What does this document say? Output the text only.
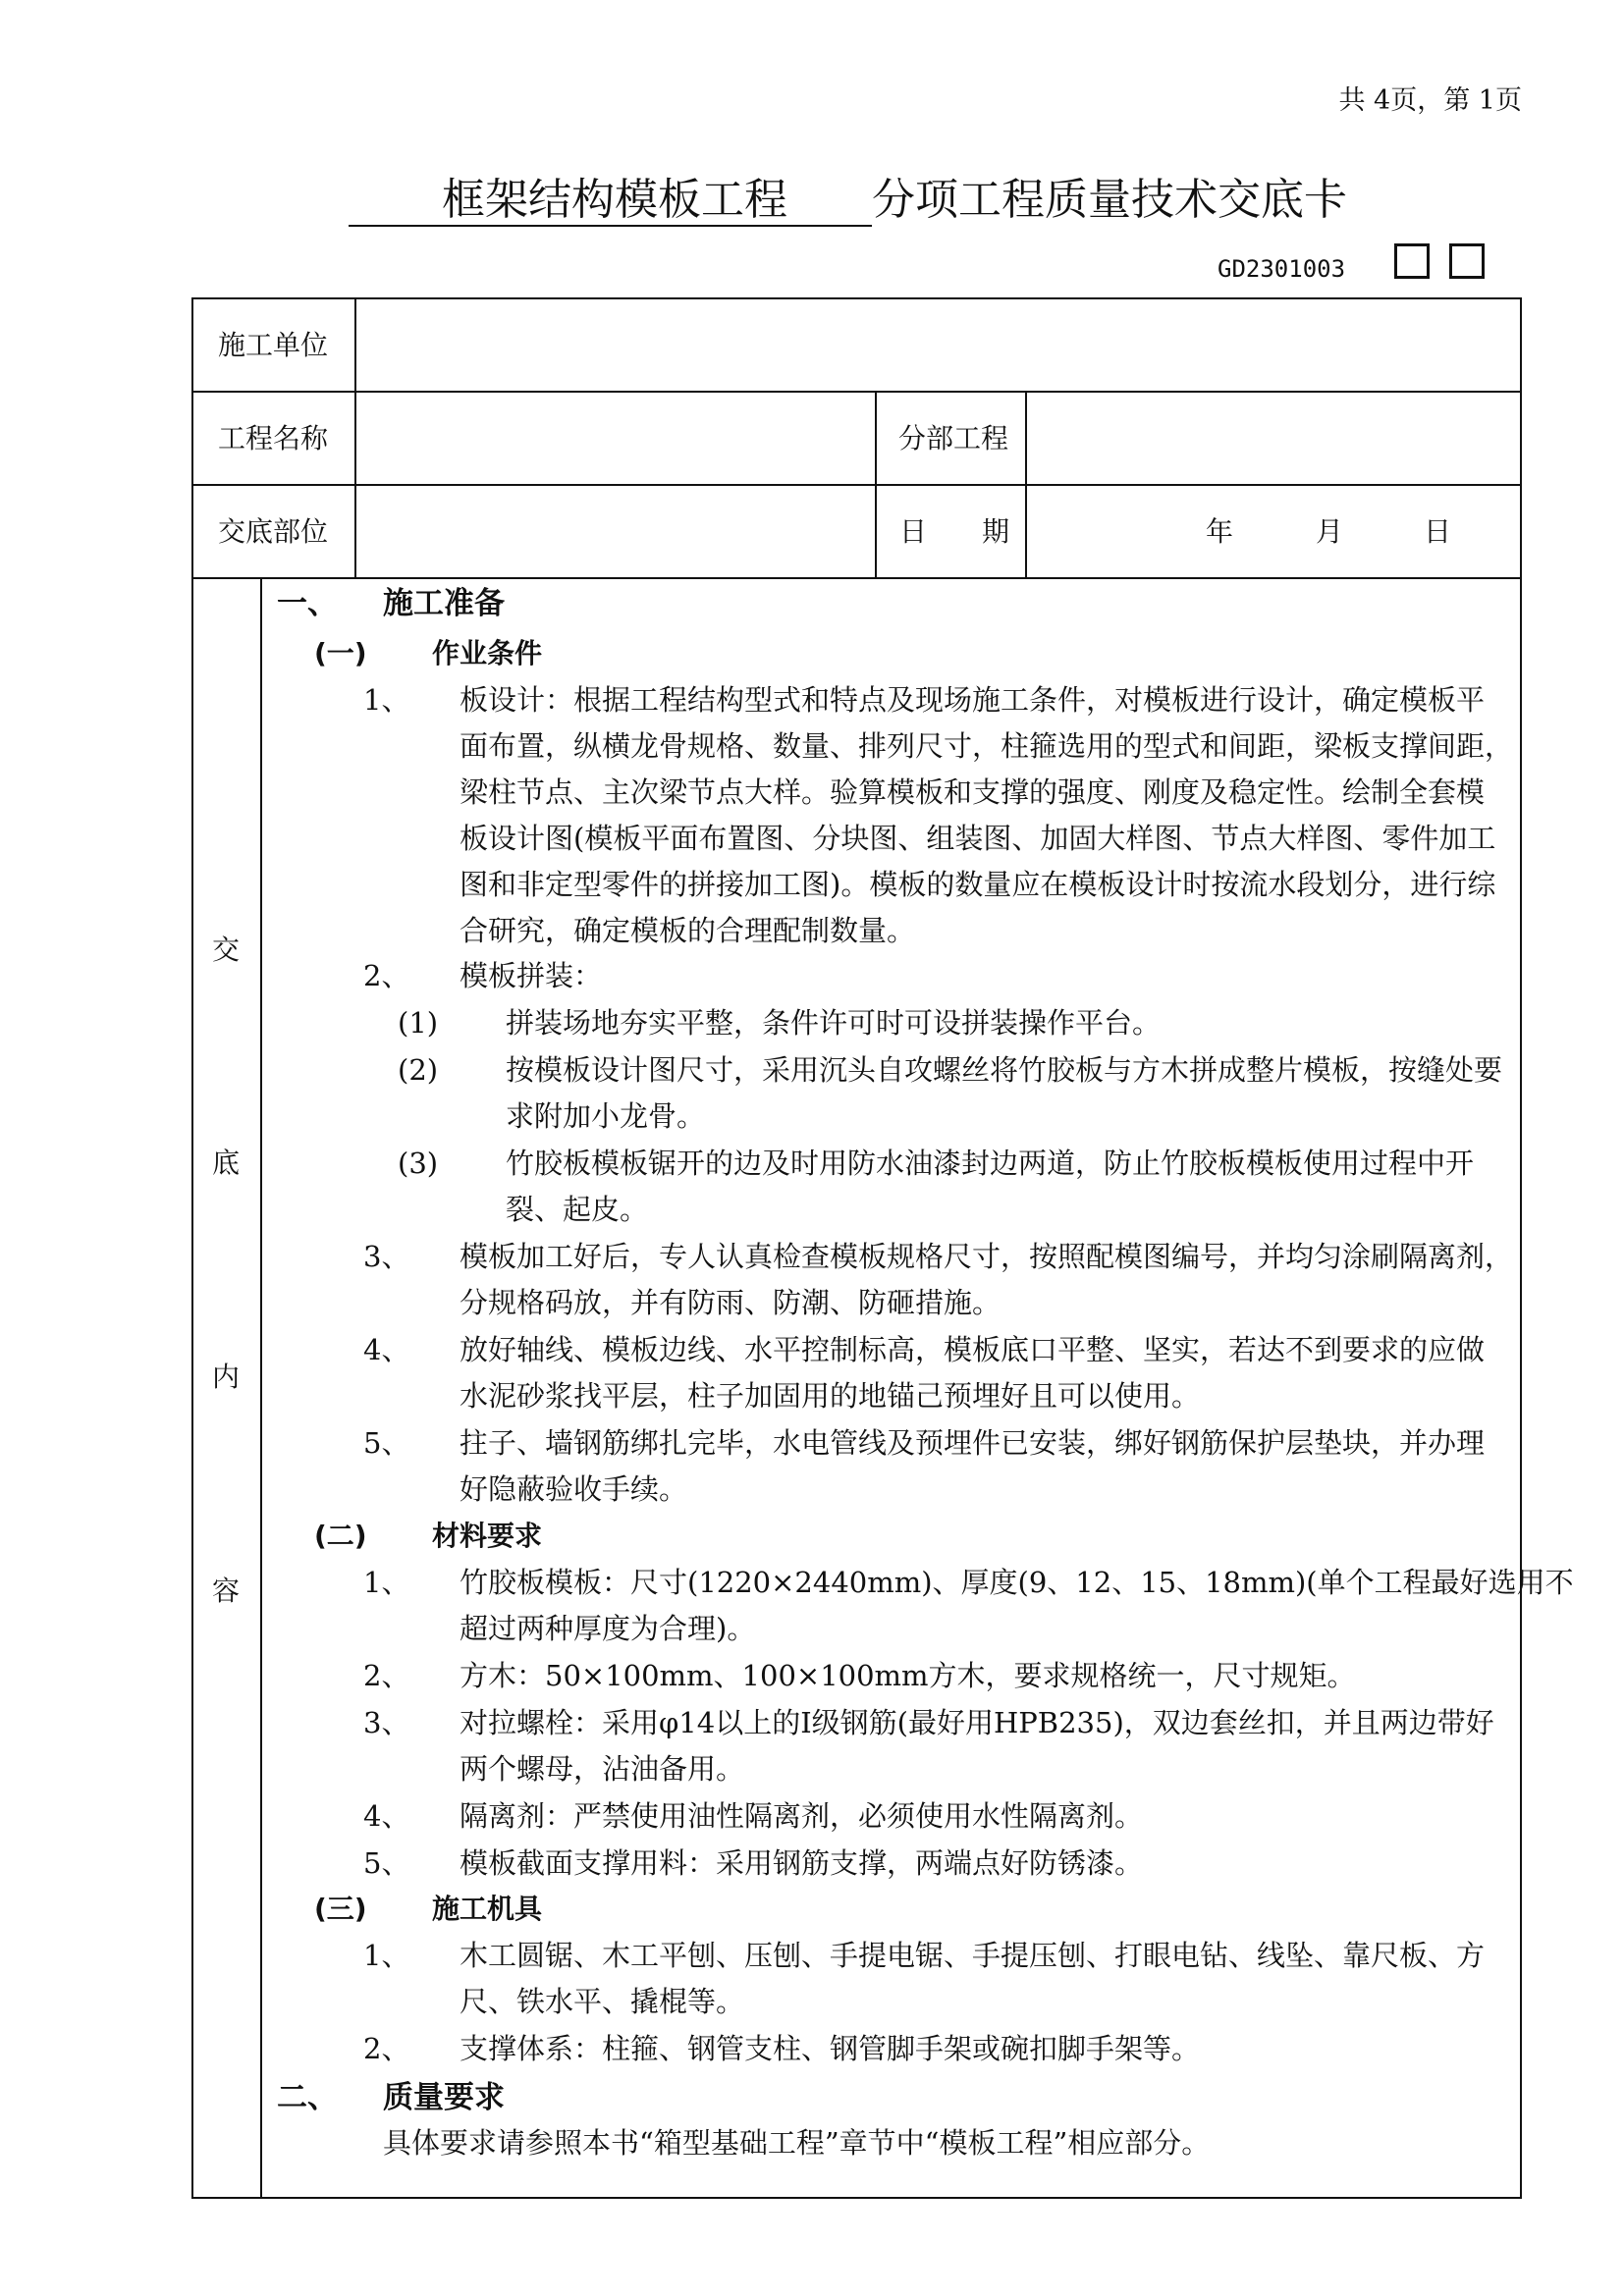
共 4页，第 1页
框架结构模板工程 分项工程质量技术交底卡
GD2301003
施工单位
工程名称	分部工程
交底部位	日 期	年	月	日
交
底
内
容
一、 施工准备
(一) 作业条件
1、 板设计：根据工程结构型式和特点及现场施工条件，对模板进行设计，确定模板平
面布置，纵横龙骨规格、数量、排列尺寸，柱箍选用的型式和间距，梁板支撑间距，
梁柱节点、主次梁节点大样。验算模板和支撑的强度、刚度及稳定性。绘制全套模
板设计图(模板平面布置图、分块图、组装图、加固大样图、节点大样图、零件加工
图和非定型零件的拼接加工图)。模板的数量应在模板设计时按流水段划分，进行综
合研究，确定模板的合理配制数量。
2、 模板拼装：
(1) 拼装场地夯实平整，条件许可时可设拼装操作平台。
(2) 按模板设计图尺寸，采用沉头自攻螺丝将竹胶板与方木拼成整片模板，按缝处要
求附加小龙骨。
(3) 竹胶板模板锯开的边及时用防水油漆封边两道，防止竹胶板模板使用过程中开
裂、起皮。
3、 模板加工好后，专人认真检查模板规格尺寸，按照配模图编号，并均匀涂刷隔离剂，
分规格码放，并有防雨、防潮、防砸措施。
4、 放好轴线、模板边线、水平控制标高，模板底口平整、坚实，若达不到要求的应做
水泥砂浆找平层，柱子加固用的地锚己预埋好且可以使用。
5、 拄子、墙钢筋绑扎完毕，水电管线及预埋件已安装，绑好钢筋保护层垫块，并办理
好隐蔽验收手续。
(二) 材料要求
1、 竹胶板模板：尺寸(1220×2440mm)、厚度(9、12、15、18mm)(单个工程最好选用不
超过两种厚度为合理)。
2、 方木：50×100mm、100×100mm方木，要求规格统一，尺寸规矩。
3、 对拉螺栓：采用φ14以上的Ⅰ级钢筋(最好用HPB235)，双边套丝扣，并且两边带好
两个螺母，沾油备用。
4、 隔离剂：严禁使用油性隔离剂，必须使用水性隔离剂。
5、 模板截面支撑用料：采用钢筋支撑，两端点好防锈漆。
(三) 施工机具
1、 木工圆锯、木工平刨、压刨、手提电锯、手提压刨、打眼电钻、线坠、靠尺板、方
尺、铁水平、撬棍等。
2、 支撑体系：柱箍、钢管支柱、钢管脚手架或碗扣脚手架等。
二、 质量要求
具体要求请参照本书“箱型基础工程”章节中“模板工程”相应部分。
